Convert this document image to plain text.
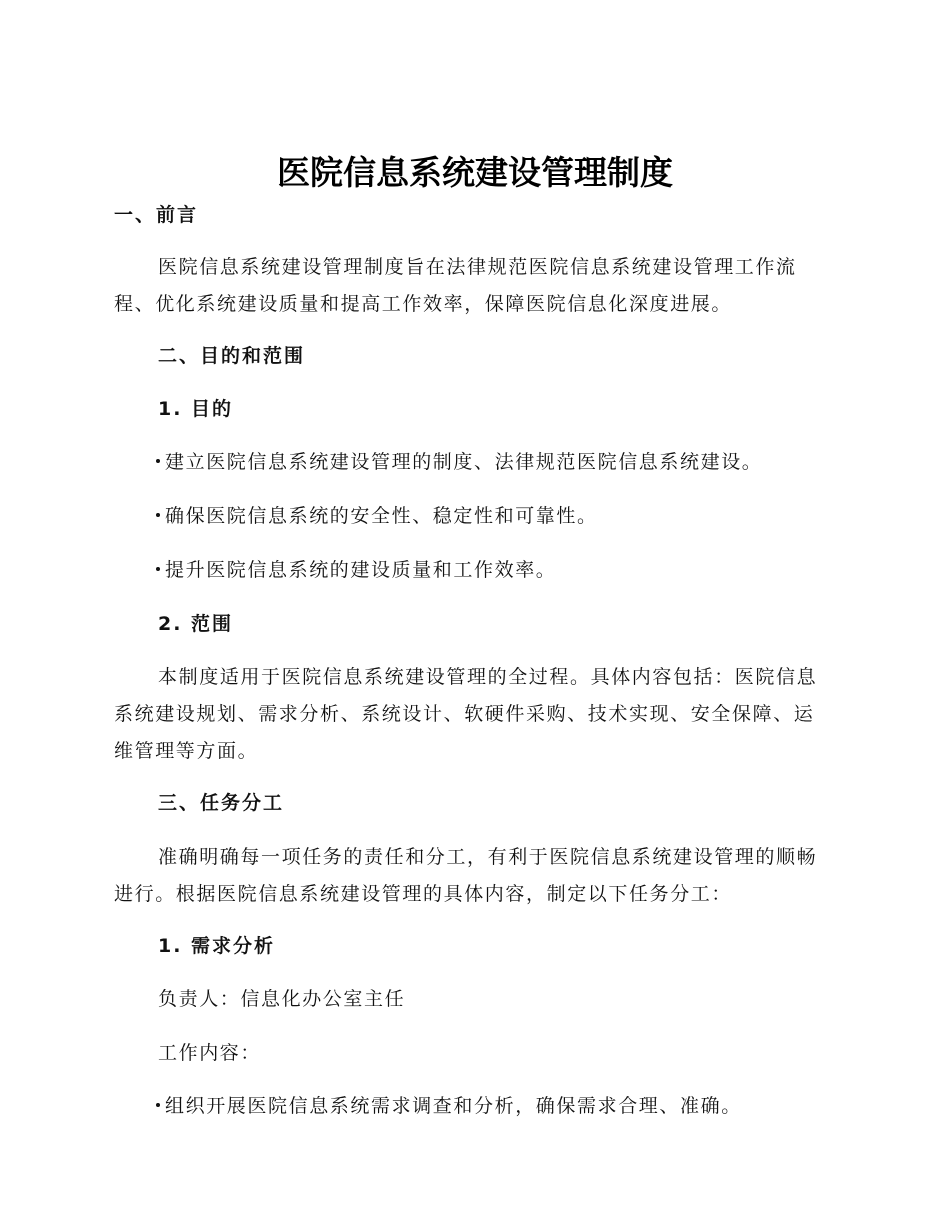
医院信息系统建设管理制度

一、前言

医院信息系统建设管理制度旨在法律规范医院信息系统建设管理工作流程、优化系统建设质量和提高工作效率，保障医院信息化深度进展。

二、目的和范围

1. 目的

建立医院信息系统建设管理的制度、法律规范医院信息系统建设。

确保医院信息系统的安全性、稳定性和可靠性。

提升医院信息系统的建设质量和工作效率。

2. 范围

本制度适用于医院信息系统建设管理的全过程。具体内容包括：医院信息系统建设规划、需求分析、系统设计、软硬件采购、技术实现、安全保障、运维管理等方面。

三、任务分工

准确明确每一项任务的责任和分工，有利于医院信息系统建设管理的顺畅进行。根据医院信息系统建设管理的具体内容，制定以下任务分工：

1. 需求分析

负责人：信息化办公室主任

工作内容：

组织开展医院信息系统需求调查和分析，确保需求合理、准确。
